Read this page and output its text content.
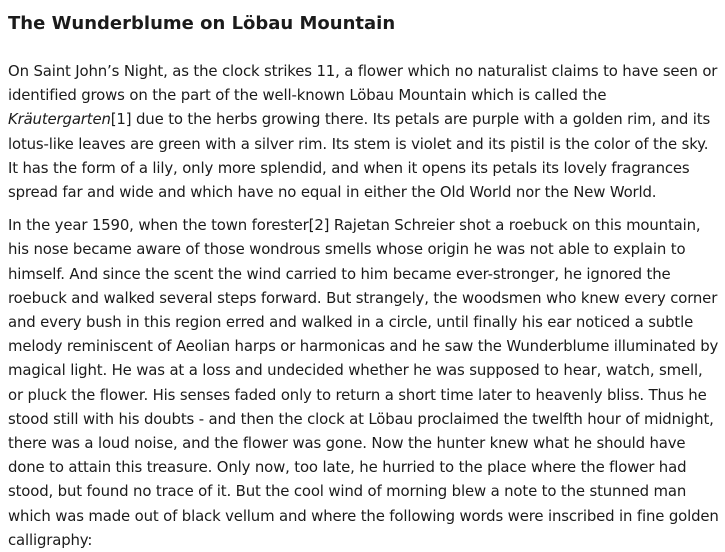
The Wunderblume on Löbau Mountain

On Saint John’s Night, as the clock strikes 11, a flower which no naturalist claims to have seen or identified grows on the part of the well-known Löbau Mountain which is called the Kräutergarten[1] due to the herbs growing there. Its petals are purple with a golden rim, and its lotus-like leaves are green with a silver rim. Its stem is violet and its pistil is the color of the sky. It has the form of a lily, only more splendid, and when it opens its petals its lovely fragrances spread far and wide and which have no equal in either the Old World nor the New World.

In the year 1590, when the town forester[2] Rajetan Schreier shot a roebuck on this mountain, his nose became aware of those wondrous smells whose origin he was not able to explain to himself. And since the scent the wind carried to him became ever-stronger, he ignored the roebuck and walked several steps forward. But strangely, the woodsmen who knew every corner and every bush in this region erred and walked in a circle, until finally his ear noticed a subtle melody reminiscent of Aeolian harps or harmonicas and he saw the Wunderblume illuminated by magical light. He was at a loss and undecided whether he was supposed to hear, watch, smell, or pluck the flower. His senses faded only to return a short time later to heavenly bliss. Thus he stood still with his doubts - and then the clock at Löbau proclaimed the twelfth hour of midnight, there was a loud noise, and the flower was gone. Now the hunter knew what he should have done to attain this treasure. Only now, too late, he hurried to the place where the flower had stood, but found no trace of it. But the cool wind of morning blew a note to the stunned man which was made out of black vellum and where the following words were inscribed in fine golden calligraphy:
